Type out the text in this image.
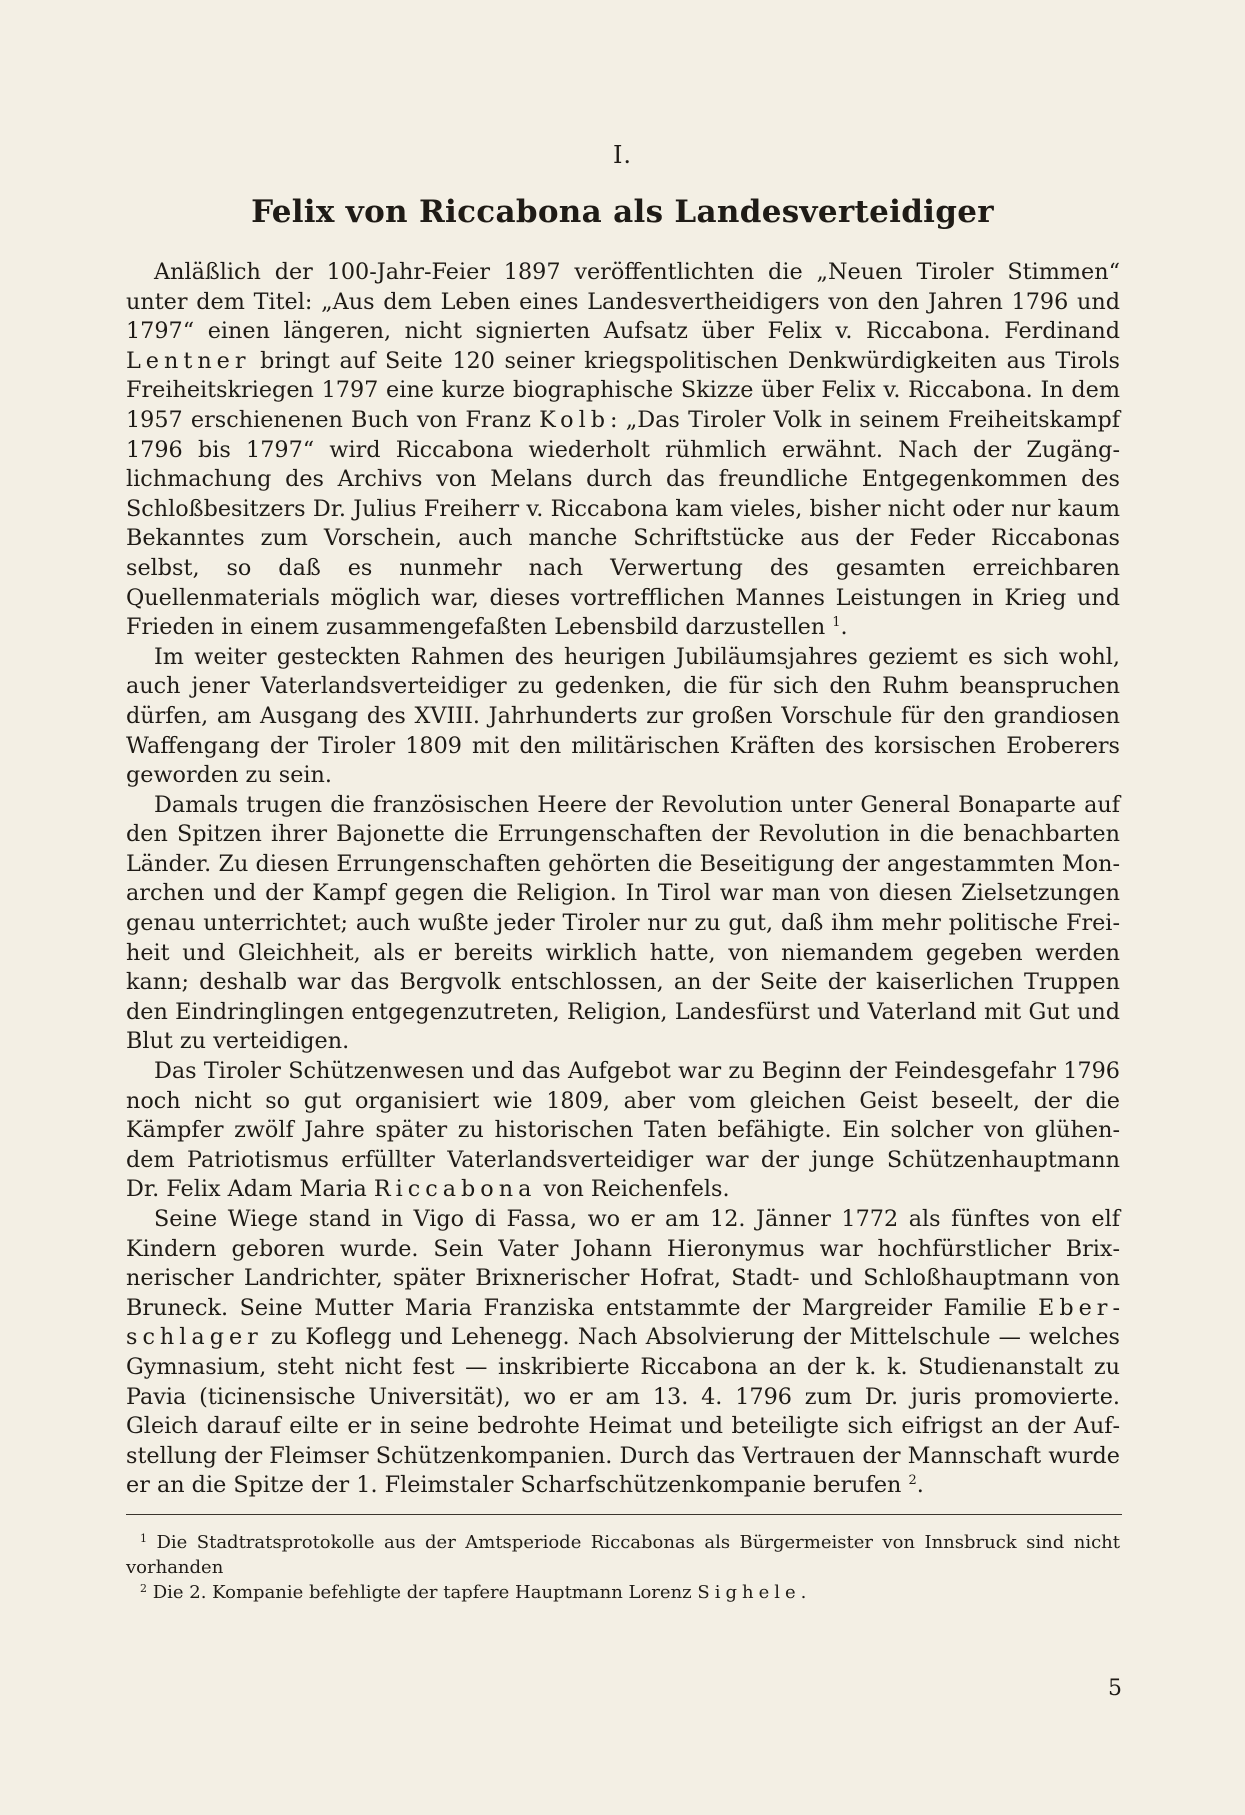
I.
Felix von Riccabona als Landesverteidiger

Anläßlich der 100-Jahr-Feier 1897 veröffentlichten die „Neuen Tiroler Stimmen“ unter dem Titel: „Aus dem Leben eines Landesvertheidigers von den Jahren 1796 und 1797“ einen längeren, nicht signierten Aufsatz über Felix v. Riccabona. Ferdinand Lentner bringt auf Seite 120 seiner kriegspolitischen Denkwürdigkeiten aus Tirols Freiheitskriegen 1797 eine kurze biographische Skizze über Felix v. Riccabona. In dem 1957 erschienenen Buch von Franz Kolb: „Das Tiroler Volk in seinem Freiheitskampf 1796 bis 1797“ wird Riccabona wiederholt rühmlich erwähnt. Nach der Zugänglichmachung des Archivs von Melans durch das freundliche Entgegenkommen des Schloßbesitzers Dr. Julius Freiherr v. Riccabona kam vieles, bisher nicht oder nur kaum Bekanntes zum Vorschein, auch manche Schriftstücke aus der Feder Riccabonas selbst, so daß es nunmehr nach Verwertung des gesamten erreichbaren Quellenmaterials möglich war, dieses vortrefflichen Mannes Leistungen in Krieg und Frieden in einem zusammengefaßten Lebensbild darzustellen $^1$.

Im weiter gesteckten Rahmen des heurigen Jubiläumsjahres geziemt es sich wohl, auch jener Vaterlandsverteidiger zu gedenken, die für sich den Ruhm beanspruchen dürfen, am Ausgang des XVIII. Jahrhunderts zur großen Vorschule für den grandiosen Waffengang der Tiroler 1809 mit den militärischen Kräften des korsischen Eroberers geworden zu sein.

Damals trugen die französischen Heere der Revolution unter General Bonaparte auf den Spitzen ihrer Bajonette die Errungenschaften der Revolution in die benachbarten Länder. Zu diesen Errungenschaften gehörten die Beseitigung der angestammten Monarchen und der Kampf gegen die Religion. In Tirol war man von diesen Zielsetzungen genau unterrichtet; auch wußte jeder Tiroler nur zu gut, daß ihm mehr politische Freiheit und Gleichheit, als er bereits wirklich hatte, von niemandem gegeben werden kann; deshalb war das Bergvolk entschlossen, an der Seite der kaiserlichen Truppen den Eindringlingen entgegenzutreten, Religion, Landesfürst und Vaterland mit Gut und Blut zu verteidigen.

Das Tiroler Schützenwesen und das Aufgebot war zu Beginn der Feindesgefahr 1796 noch nicht so gut organisiert wie 1809, aber vom gleichen Geist beseelt, der die Kämpfer zwölf Jahre später zu historischen Taten befähigte. Ein solcher von glühendem Patriotismus erfüllter Vaterlandsverteidiger war der junge Schützenhauptmann Dr. Felix Adam Maria Riccabona von Reichenfels.

Seine Wiege stand in Vigo di Fassa, wo er am 12. Jänner 1772 als fünftes von elf Kindern geboren wurde. Sein Vater Johann Hieronymus war hochfürstlicher Brixnerischer Landrichter, später Brixnerischer Hofrat, Stadt- und Schloßhauptmann von Bruneck. Seine Mutter Maria Franziska entstammte der Margreider Familie Eberschlager zu Koflegg und Lehenegg. Nach Absolvierung der Mittelschule — welches Gymnasium, steht nicht fest — inskribierte Riccabona an der k. k. Studienanstalt zu Pavia (ticinensische Universität), wo er am 13. 4. 1796 zum Dr. juris promovierte. Gleich darauf eilte er in seine bedrohte Heimat und beteiligte sich eifrigst an der Aufstellung der Fleimser Schützenkompanien. Durch das Vertrauen der Mannschaft wurde er an die Spitze der 1. Fleimstaler Scharfschützenkompanie berufen $^2$.

$^1$ Die Stadtratsprotokolle aus der Amtsperiode Riccabonas als Bürgermeister von Innsbruck sind nicht vorhanden

$^2$ Die 2. Kompanie befehligte der tapfere Hauptmann Lorenz Sighele.

5
